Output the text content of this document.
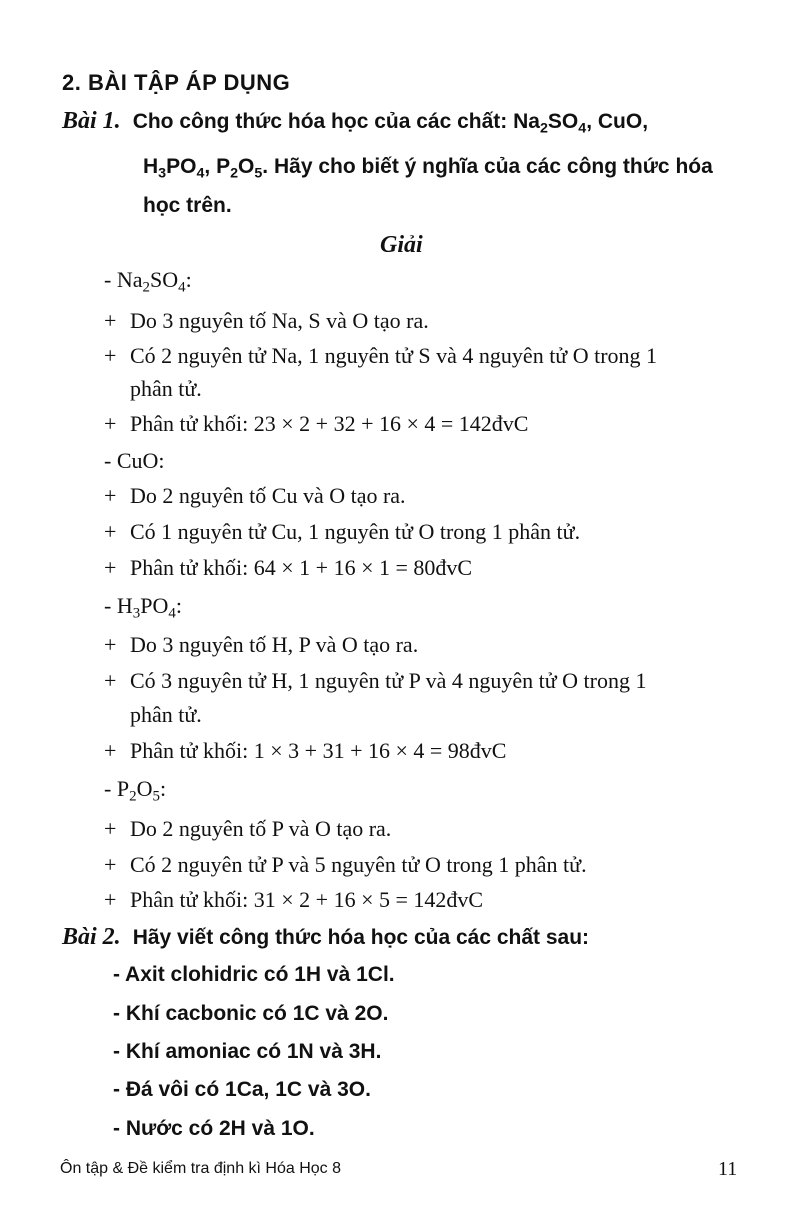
2. BÀI TẬP ÁP DỤNG
Bài 1. Cho công thức hóa học của các chất: $Na_2SO_4$, CuO,
$H_3PO_4$, $P_2O_5$. Hãy cho biết ý nghĩa của các công thức hóa
học trên.
Giải
- $Na_2SO_4$:
+ Do 3 nguyên tố Na, S và O tạo ra.
+ Có 2 nguyên tử Na, 1 nguyên tử S và 4 nguyên tử O trong 1
phân tử.
+ Phân tử khối: 23 × 2 + 32 + 16 × 4 = 142đvC
- CuO:
+ Do 2 nguyên tố Cu và O tạo ra.
+ Có 1 nguyên tử Cu, 1 nguyên tử O trong 1 phân tử.
+ Phân tử khối: 64 × 1 + 16 × 1 = 80đvC
- $H_3PO_4$:
+ Do 3 nguyên tố H, P và O tạo ra.
+ Có 3 nguyên tử H, 1 nguyên tử P và 4 nguyên tử O trong 1
phân tử.
+ Phân tử khối: 1 × 3 + 31 + 16 × 4 = 98đvC
- $P_2O_5$:
+ Do 2 nguyên tố P và O tạo ra.
+ Có 2 nguyên tử P và 5 nguyên tử O trong 1 phân tử.
+ Phân tử khối: 31 × 2 + 16 × 5 = 142đvC
Bài 2. Hãy viết công thức hóa học của các chất sau:
- Axit clohidric có 1H và 1Cl.
- Khí cacbonic có 1C và 2O.
- Khí amoniac có 1N và 3H.
- Đá vôi có 1Ca, 1C và 3O.
- Nước có 2H và 1O.
Ôn tập & Đề kiểm tra định kì Hóa Học 8	11
